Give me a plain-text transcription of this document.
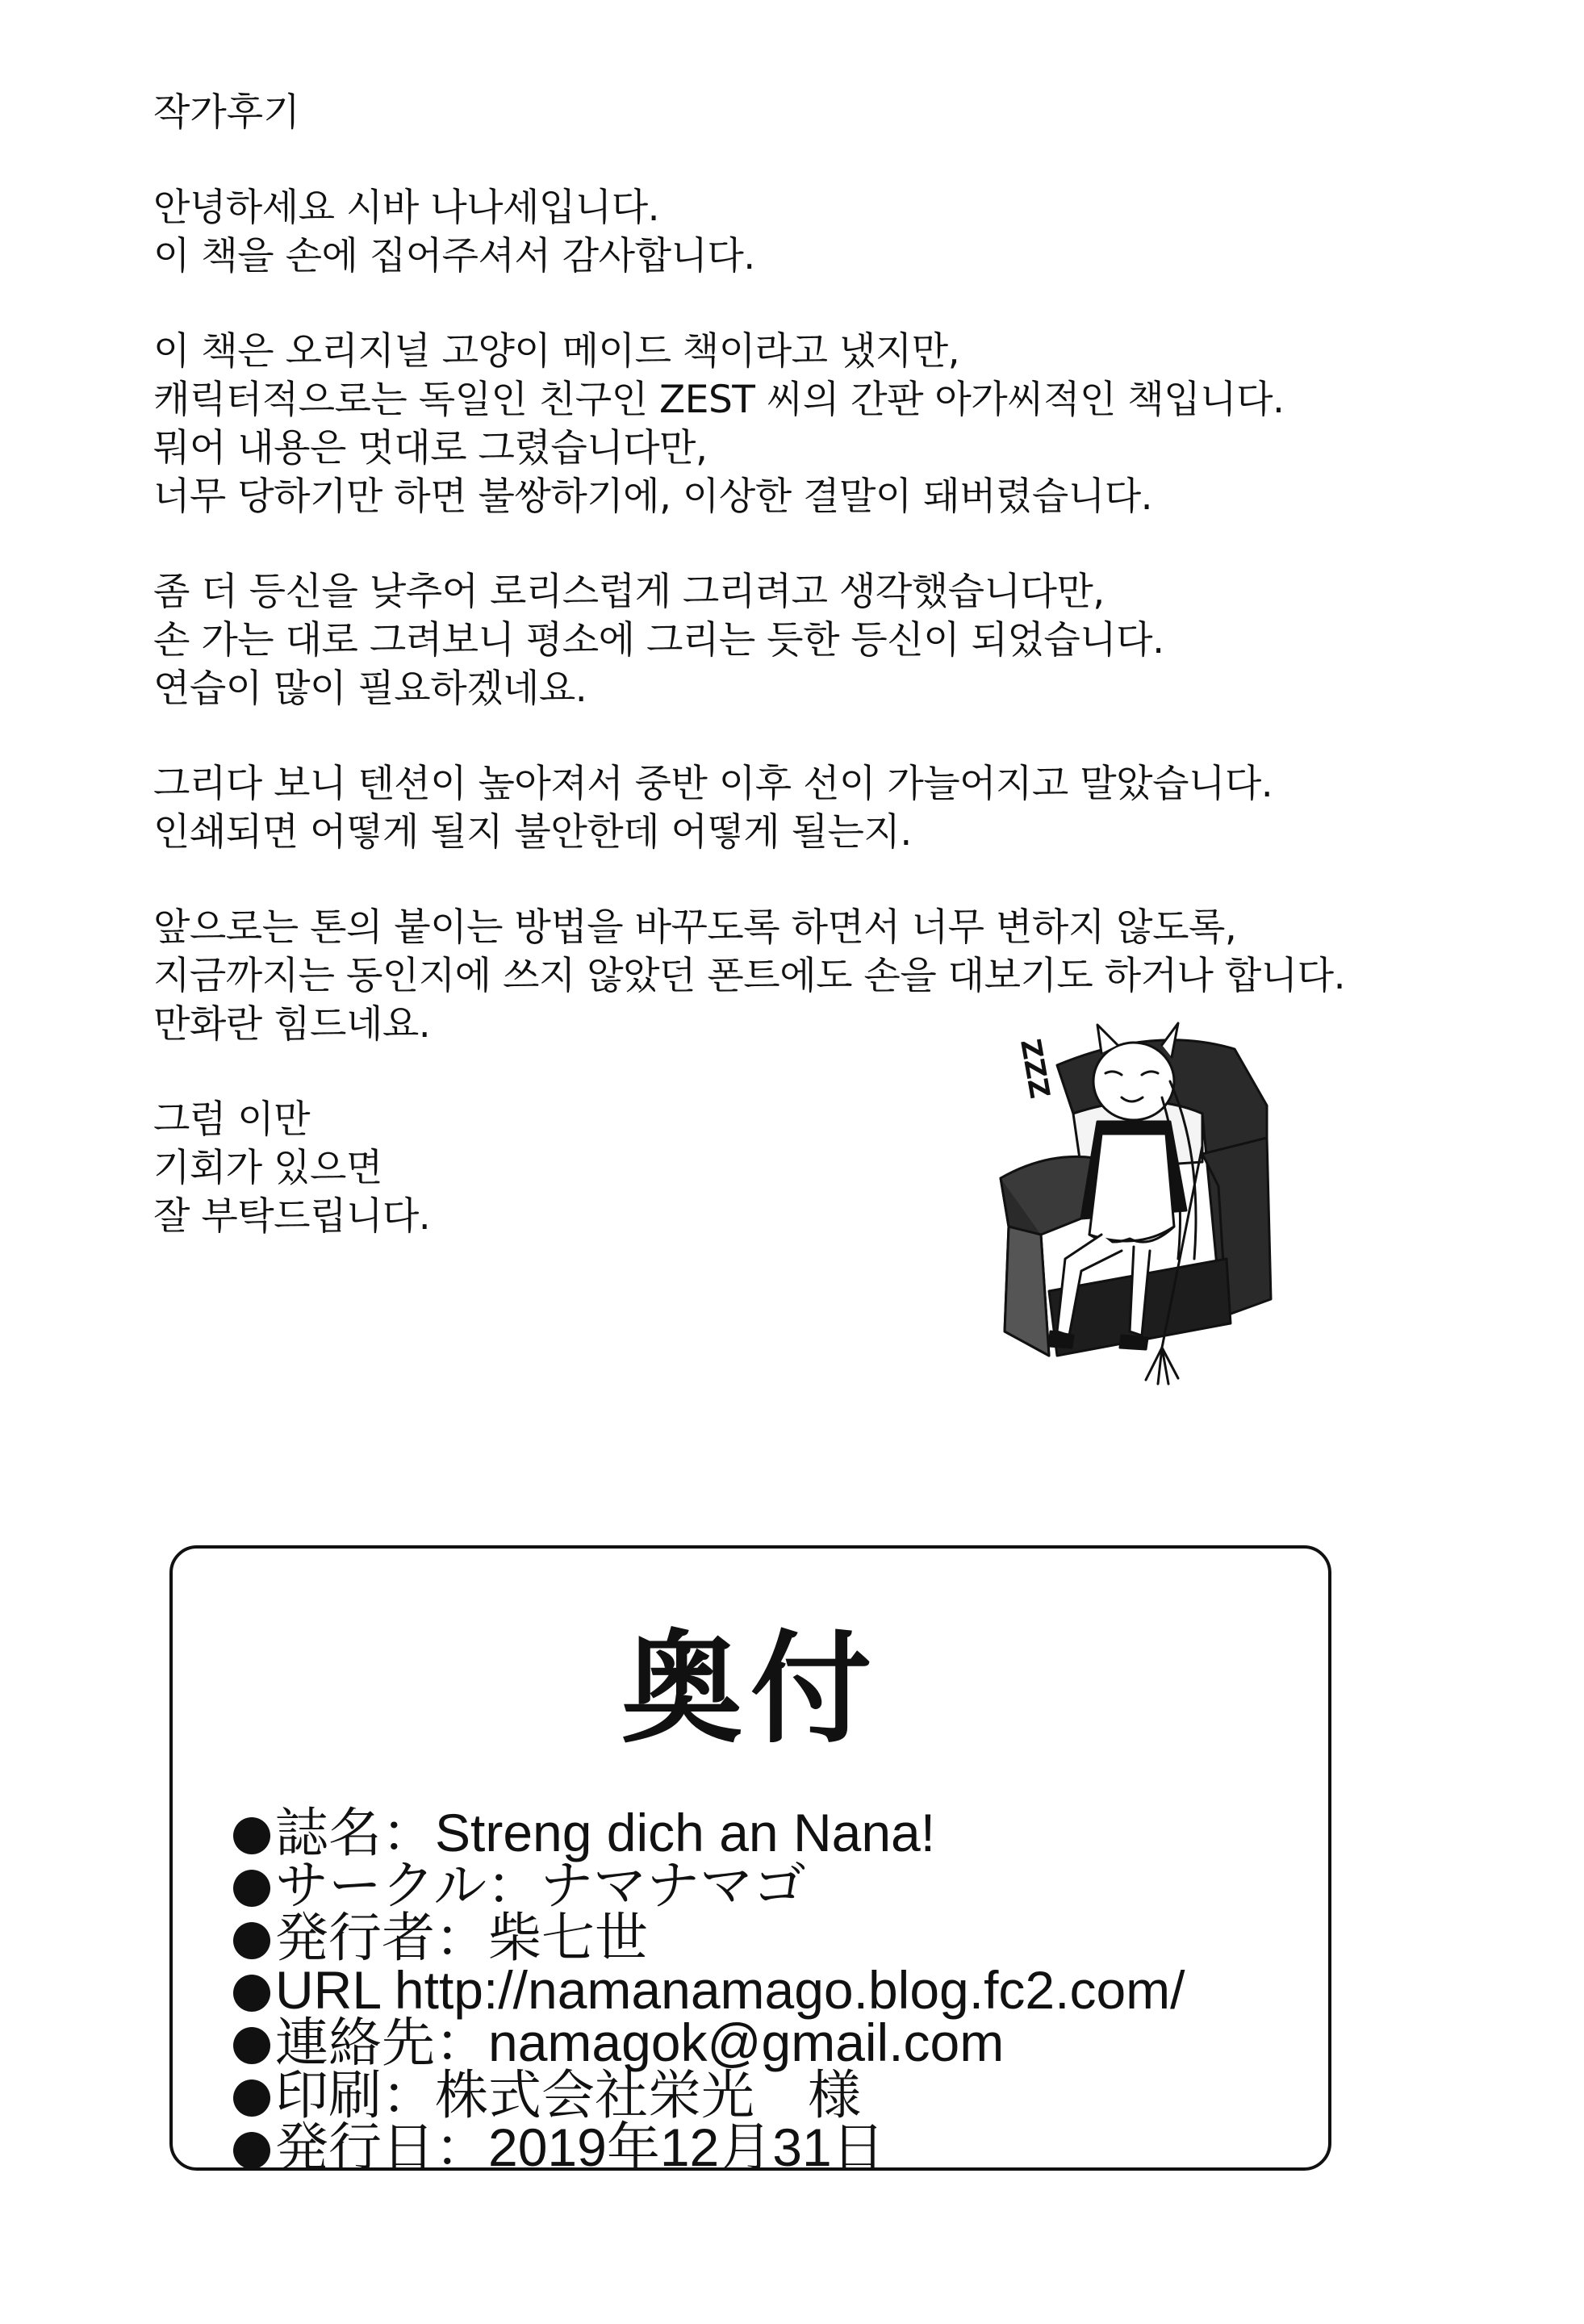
작가후기
안녕하세요 시바 나나세입니다.
이 책을 손에 집어주셔서 감사합니다.
이 책은 오리지널 고양이 메이드 책이라고 냈지만,
캐릭터적으로는 독일인 친구인 ZEST 씨의 간판 아가씨적인 책입니다.
뭐어 내용은 멋대로 그렸습니다만,
너무 당하기만 하면 불쌍하기에, 이상한 결말이 돼버렸습니다.
좀 더 등신을 낮추어 로리스럽게 그리려고 생각했습니다만,
손 가는 대로 그려보니 평소에 그리는 듯한 등신이 되었습니다.
연습이 많이 필요하겠네요.
그리다 보니 텐션이 높아져서 중반 이후 선이 가늘어지고 말았습니다.
인쇄되면 어떻게 될지 불안한데 어떻게 될는지.
앞으로는 톤의 붙이는 방법을 바꾸도록 하면서 너무 변하지 않도록,
지금까지는 동인지에 쓰지 않았던 폰트에도 손을 대보기도 하거나 합니다.
만화란 힘드네요.
그럼 이만
기회가 있으면
잘 부탁드립니다.
ZZZ
奥付
誌名：Streng dich an Nana!
サークル：ナマナマゴ
発行者：柴七世
URL http://namanamago.blog.fc2.com/
連絡先：namagok@gmail.com
印刷：株式会社栄光　様
発行日：2019年12月31日
